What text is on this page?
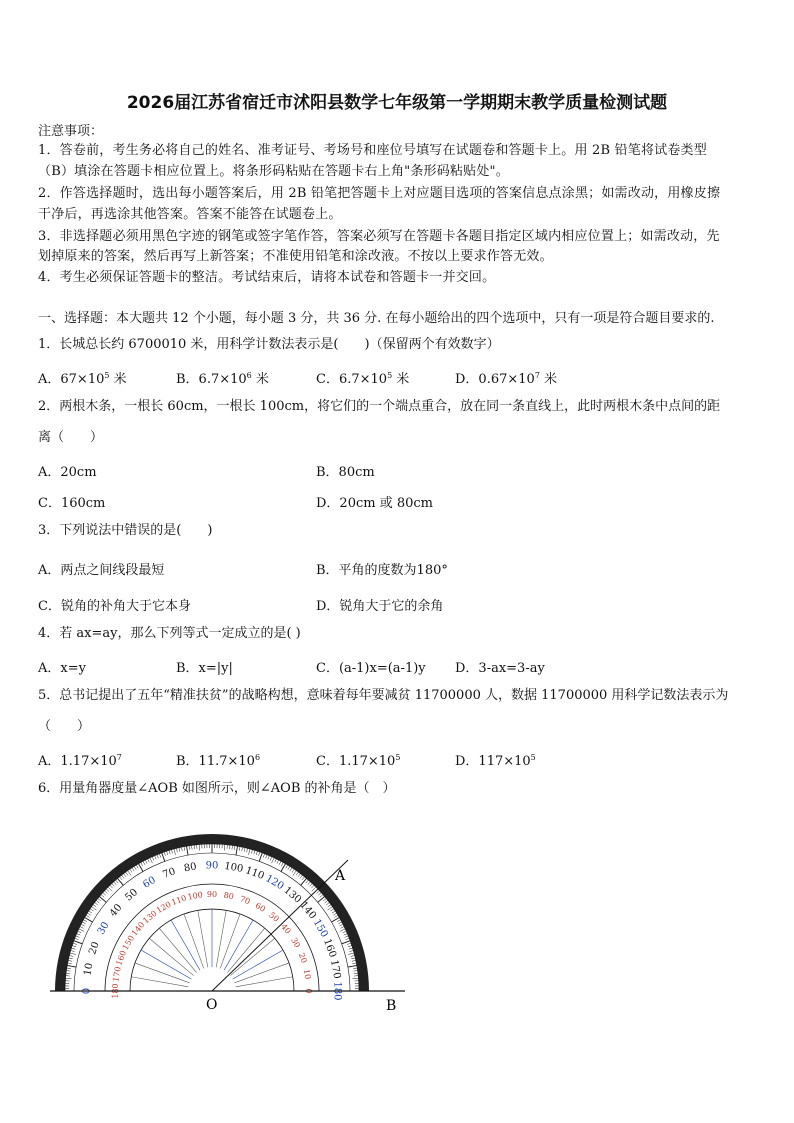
2026届江苏省宿迁市沭阳县数学七年级第一学期期末教学质量检测试题
注意事项：
1．答卷前，考生务必将自己的姓名、准考证号、考场号和座位号填写在试题卷和答题卡上。用 2B 铅笔将试卷类型
（B）填涂在答题卡相应位置上。将条形码粘贴在答题卡右上角"条形码粘贴处"。
2．作答选择题时，选出每小题答案后，用 2B 铅笔把答题卡上对应题目选项的答案信息点涂黑；如需改动，用橡皮擦
干净后，再选涂其他答案。答案不能答在试题卷上。
3．非选择题必须用黑色字迹的钢笔或签字笔作答，答案必须写在答题卡各题目指定区域内相应位置上；如需改动，先
划掉原来的答案，然后再写上新答案；不准使用铅笔和涂改液。不按以上要求作答无效。
4．考生必须保证答题卡的整洁。考试结束后，请将本试卷和答题卡一并交回。
一、选择题：本大题共 12 个小题，每小题 3 分，共 36 分. 在每小题给出的四个选项中，只有一项是符合题目要求的.
1．长城总长约 6700010 米，用科学计数法表示是(　　)（保留两个有效数字）
A．$67\times 10^5$ 米	B．$6.7\times 10^6$ 米	C．$6.7\times 10^5$ 米	D．$0.67\times 10^7$ 米
2．两根木条，一根长 60cm，一根长 100cm，将它们的一个端点重合，放在同一条直线上，此时两根木条中点间的距
离（　　）
A．20cm	B．80cm
C．160cm	D．20cm 或 80cm
3．下列说法中错误的是(　　)
A．两点之间线段最短	B．平角的度数为180°
C．锐角的补角大于它本身	D．锐角大于它的余角
4．若 ax=ay，那么下列等式一定成立的是( )
A．x=y	B．x=|y|	C．(a-1)x=(a-1)y D．3-ax=3-ay
5．总书记提出了五年“精准扶贫”的战略构想，意味着每年要减贫 11700000 人，数据 11700000 用科学记数法表示为
（　　）
A．$1.17\times 10^7$	B．$11.7\times 10^6$	C．$1.17\times 10^5$	D．$117\times 10^5$
6．用量角器度量∠AOB 如图所示，则∠AOB 的补角是（　）
0
10
20
30
40
50
60
70 80 90 100 110
120
130
140
150
160
170
180
180
170
160
150
140
130
120
110 100 90 80 70
60
50
40
30
20
10
0
A
O	B
